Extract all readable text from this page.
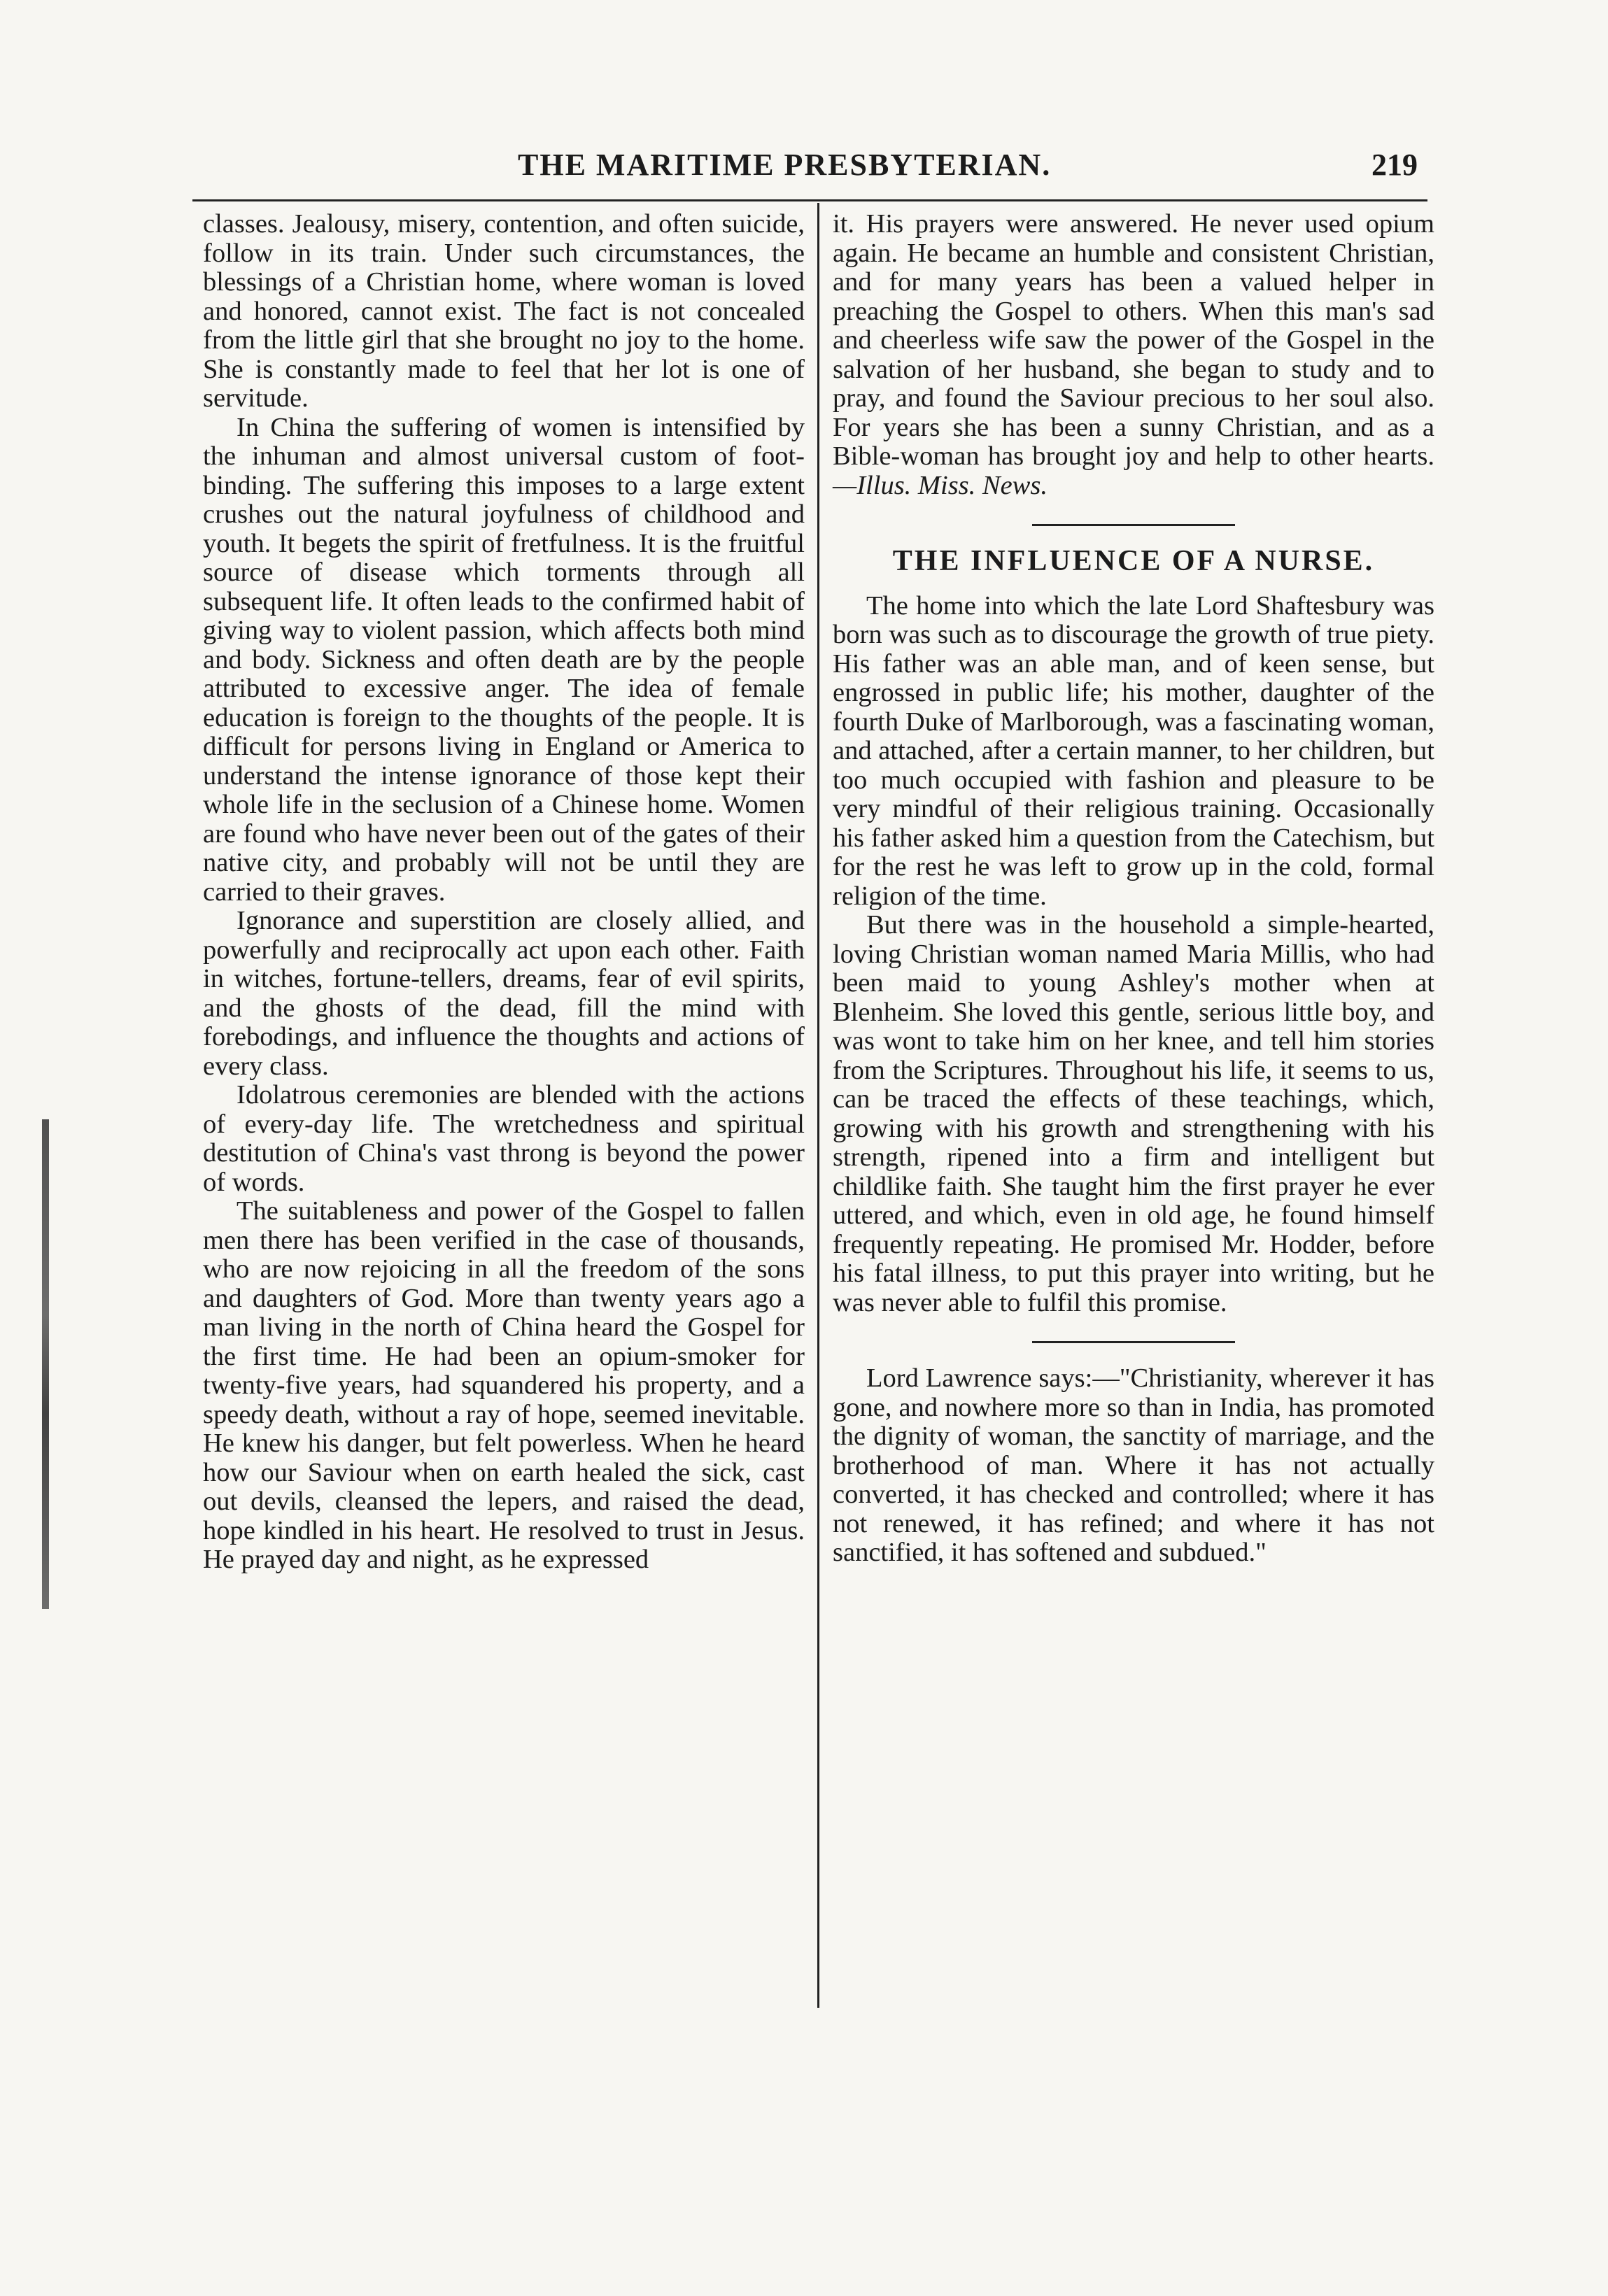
THE MARITIME PRESBYTERIAN.	219

classes. Jealousy, misery, contention, and often suicide, follow in its train. Under such circumstances, the blessings of a Christian home, where woman is loved and honored, cannot exist. The fact is not concealed from the little girl that she brought no joy to the home. She is constantly made to feel that her lot is one of servitude.

In China the suffering of women is intensified by the inhuman and almost universal custom of foot-binding. The suffering this imposes to a large extent crushes out the natural joyfulness of childhood and youth. It begets the spirit of fretfulness. It is the fruitful source of disease which torments through all subsequent life. It often leads to the confirmed habit of giving way to violent passion, which affects both mind and body. Sickness and often death are by the people attributed to excessive anger. The idea of female education is foreign to the thoughts of the people. It is difficult for persons living in England or America to understand the intense ignorance of those kept their whole life in the seclusion of a Chinese home. Women are found who have never been out of the gates of their native city, and probably will not be until they are carried to their graves.

Ignorance and superstition are closely allied, and powerfully and reciprocally act upon each other. Faith in witches, fortune-tellers, dreams, fear of evil spirits, and the ghosts of the dead, fill the mind with forebodings, and influence the thoughts and actions of every class.

Idolatrous ceremonies are blended with the actions of every-day life. The wretchedness and spiritual destitution of China's vast throng is beyond the power of words.

The suitableness and power of the Gospel to fallen men there has been verified in the case of thousands, who are now rejoicing in all the freedom of the sons and daughters of God. More than twenty years ago a man living in the north of China heard the Gospel for the first time. He had been an opium-smoker for twenty-five years, had squandered his property, and a speedy death, without a ray of hope, seemed inevitable. He knew his danger, but felt powerless. When he heard how our Saviour when on earth healed the sick, cast out devils, cleansed the lepers, and raised the dead, hope kindled in his heart. He resolved to trust in Jesus. He prayed day and night, as he expressed

it. His prayers were answered. He never used opium again. He became an humble and consistent Christian, and for many years has been a valued helper in preaching the Gospel to others. When this man's sad and cheerless wife saw the power of the Gospel in the salvation of her husband, she began to study and to pray, and found the Saviour precious to her soul also. For years she has been a sunny Christian, and as a Bible-woman has brought joy and help to other hearts. —Illus. Miss. News.

THE INFLUENCE OF A NURSE.

The home into which the late Lord Shaftesbury was born was such as to discourage the growth of true piety. His father was an able man, and of keen sense, but engrossed in public life; his mother, daughter of the fourth Duke of Marlborough, was a fascinating woman, and attached, after a certain manner, to her children, but too much occupied with fashion and pleasure to be very mindful of their religious training. Occasionally his father asked him a question from the Catechism, but for the rest he was left to grow up in the cold, formal religion of the time.

But there was in the household a simple-hearted, loving Christian woman named Maria Millis, who had been maid to young Ashley's mother when at Blenheim. She loved this gentle, serious little boy, and was wont to take him on her knee, and tell him stories from the Scriptures. Throughout his life, it seems to us, can be traced the effects of these teachings, which, growing with his growth and strengthening with his strength, ripened into a firm and intelligent but childlike faith. She taught him the first prayer he ever uttered, and which, even in old age, he found himself frequently repeating. He promised Mr. Hodder, before his fatal illness, to put this prayer into writing, but he was never able to fulfil this promise.

Lord Lawrence says:—"Christianity, wherever it has gone, and nowhere more so than in India, has promoted the dignity of woman, the sanctity of marriage, and the brotherhood of man. Where it has not actually converted, it has checked and controlled; where it has not renewed, it has refined; and where it has not sanctified, it has softened and subdued."
